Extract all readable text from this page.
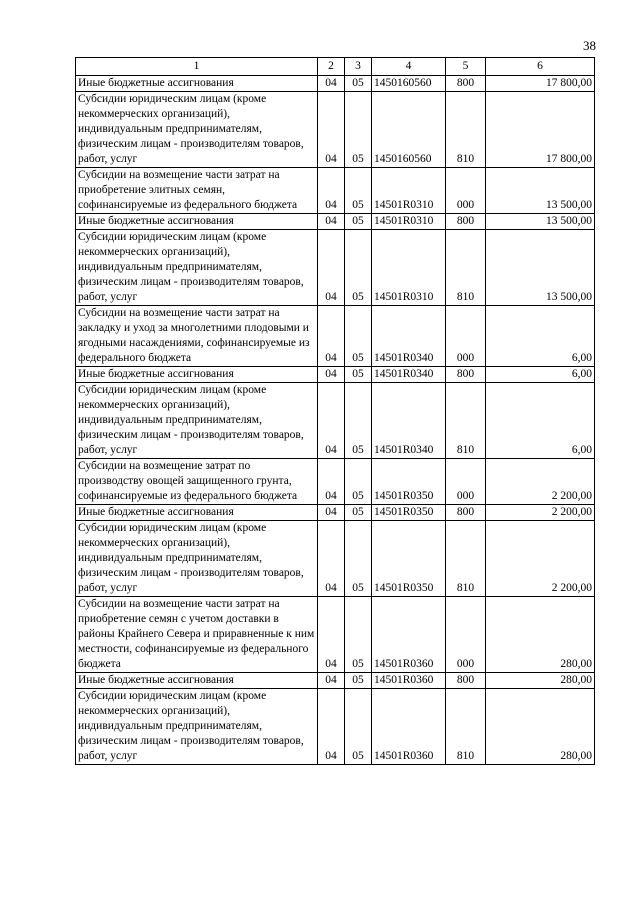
38
1	2	3	4	5	6
Иные бюджетные ассигнования	04	05	1450160560	800	17 800,00
Субсидии юридическим лицам (кроме некоммерческих организаций), индивидуальным предпринимателям, физическим лицам - производителям товаров, работ, услуг	04	05	1450160560	810	17 800,00
Субсидии на возмещение части затрат на приобретение элитных семян, софинансируемые из федерального бюджета	04	05	14501R0310	000	13 500,00
Иные бюджетные ассигнования	04	05	14501R0310	800	13 500,00
Субсидии юридическим лицам (кроме некоммерческих организаций), индивидуальным предпринимателям, физическим лицам - производителям товаров, работ, услуг	04	05	14501R0310	810	13 500,00
Субсидии на возмещение части затрат на закладку и уход за многолетними плодовыми и ягодными насаждениями, софинансируемые из федерального бюджета	04	05	14501R0340	000	6,00
Иные бюджетные ассигнования	04	05	14501R0340	800	6,00
Субсидии юридическим лицам (кроме некоммерческих организаций), индивидуальным предпринимателям, физическим лицам - производителям товаров, работ, услуг	04	05	14501R0340	810	6,00
Субсидии на возмещение затрат по производству овощей защищенного грунта, софинансируемые из федерального бюджета	04	05	14501R0350	000	2 200,00
Иные бюджетные ассигнования	04	05	14501R0350	800	2 200,00
Субсидии юридическим лицам (кроме некоммерческих организаций), индивидуальным предпринимателям, физическим лицам - производителям товаров, работ, услуг	04	05	14501R0350	810	2 200,00
Субсидии на возмещение части затрат на приобретение семян с учетом доставки в районы Крайнего Севера и приравненные к ним местности, софинансируемые из федерального бюджета	04	05	14501R0360	000	280,00
Иные бюджетные ассигнования	04	05	14501R0360	800	280,00
Субсидии юридическим лицам (кроме некоммерческих организаций), индивидуальным предпринимателям, физическим лицам - производителям товаров, работ, услуг	04	05	14501R0360	810	280,00
